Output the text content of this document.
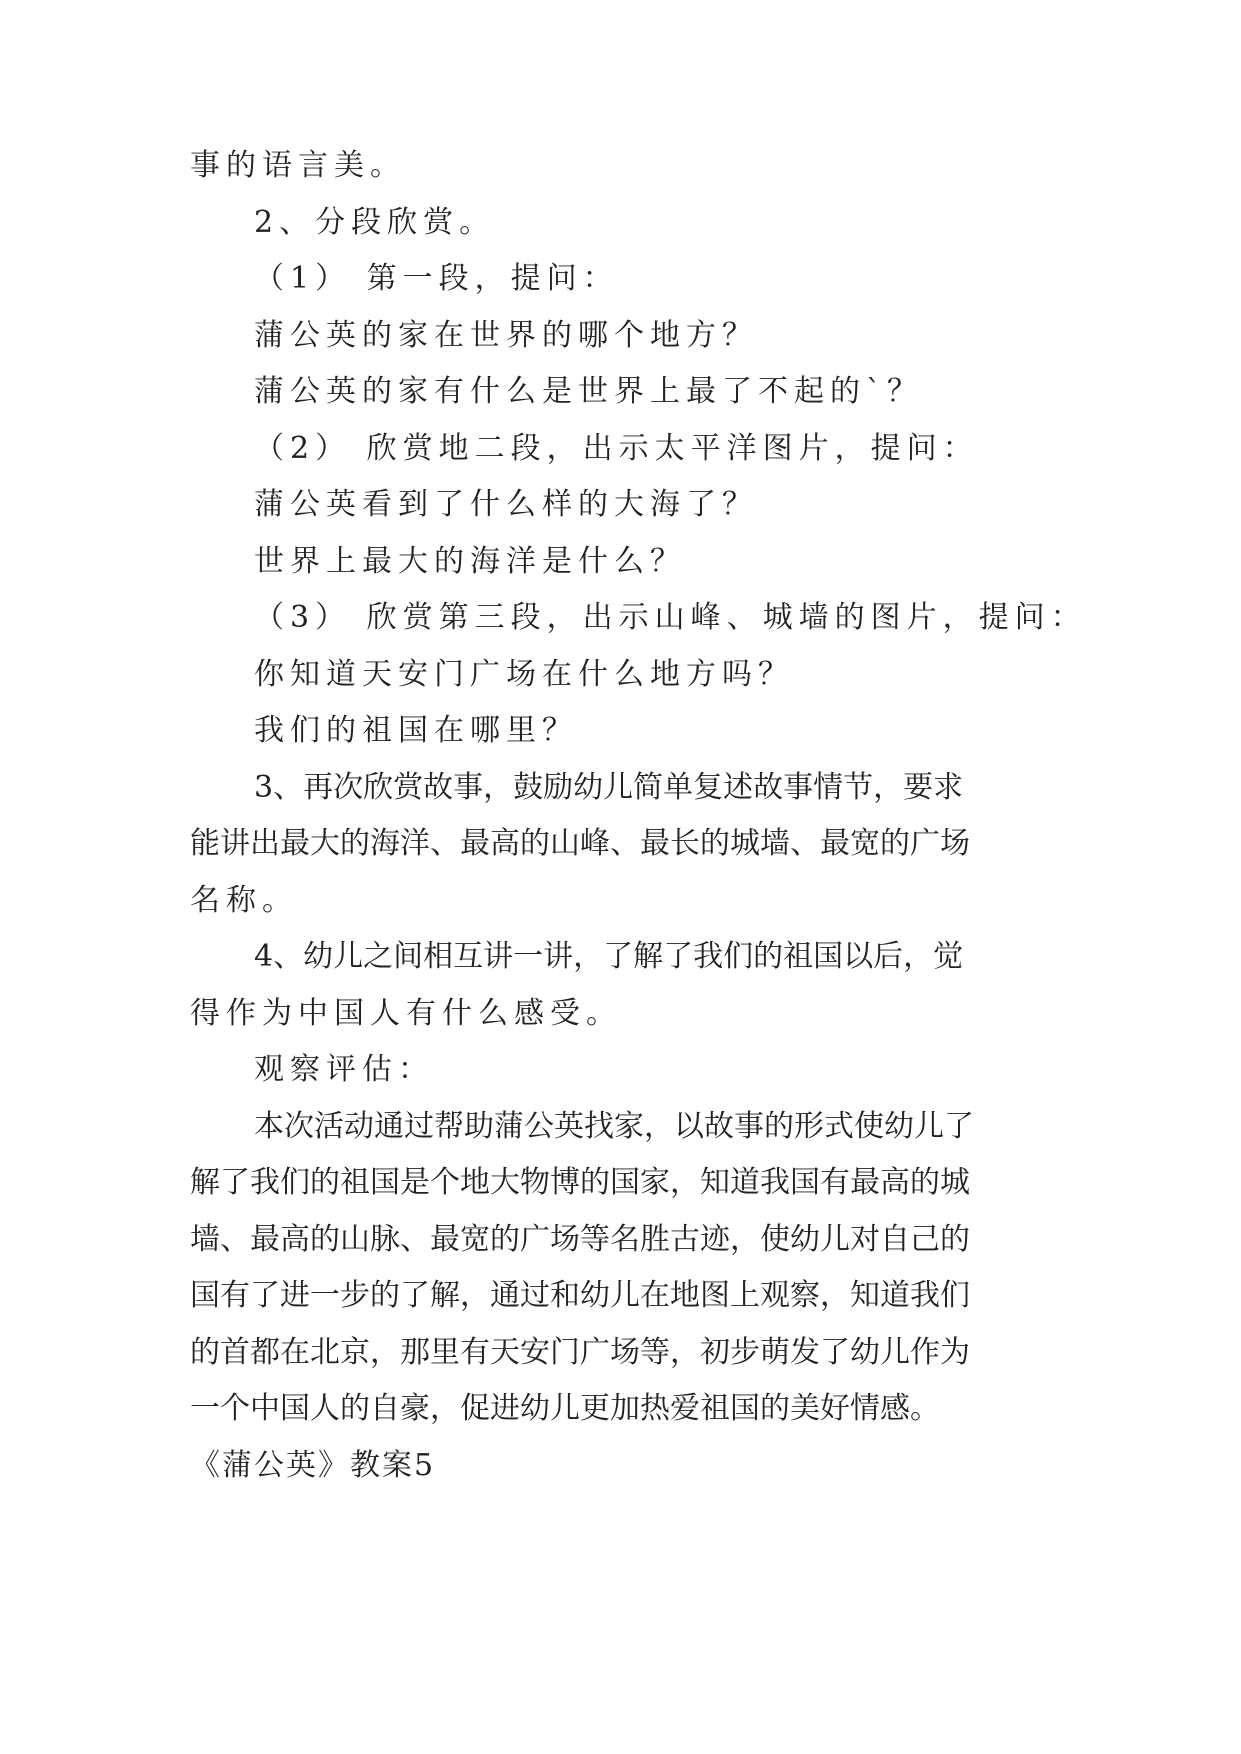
事的语言美。
2、分段欣赏。
（1） 第一段，提问：
蒲公英的家在世界的哪个地方？
蒲公英的家有什么是世界上最了不起的`？
（2） 欣赏地二段，出示太平洋图片，提问：
蒲公英看到了什么样的大海了？
世界上最大的海洋是什么？
（3） 欣赏第三段，出示山峰、城墙的图片，提问：
你知道天安门广场在什么地方吗？
我们的祖国在哪里？
3、再次欣赏故事，鼓励幼儿简单复述故事情节，要求
能讲出最大的海洋、最高的山峰、最长的城墙、最宽的广场
名称。
4、幼儿之间相互讲一讲，了解了我们的祖国以后，觉
得作为中国人有什么感受。
观察评估：
本次活动通过帮助蒲公英找家，以故事的形式使幼儿了
解了我们的祖国是个地大物博的国家，知道我国有最高的城
墙、最高的山脉、最宽的广场等名胜古迹，使幼儿对自己的
国有了进一步的了解，通过和幼儿在地图上观察，知道我们
的首都在北京，那里有天安门广场等，初步萌发了幼儿作为
一个中国人的自豪，促进幼儿更加热爱祖国的美好情感。
《蒲公英》教案5
